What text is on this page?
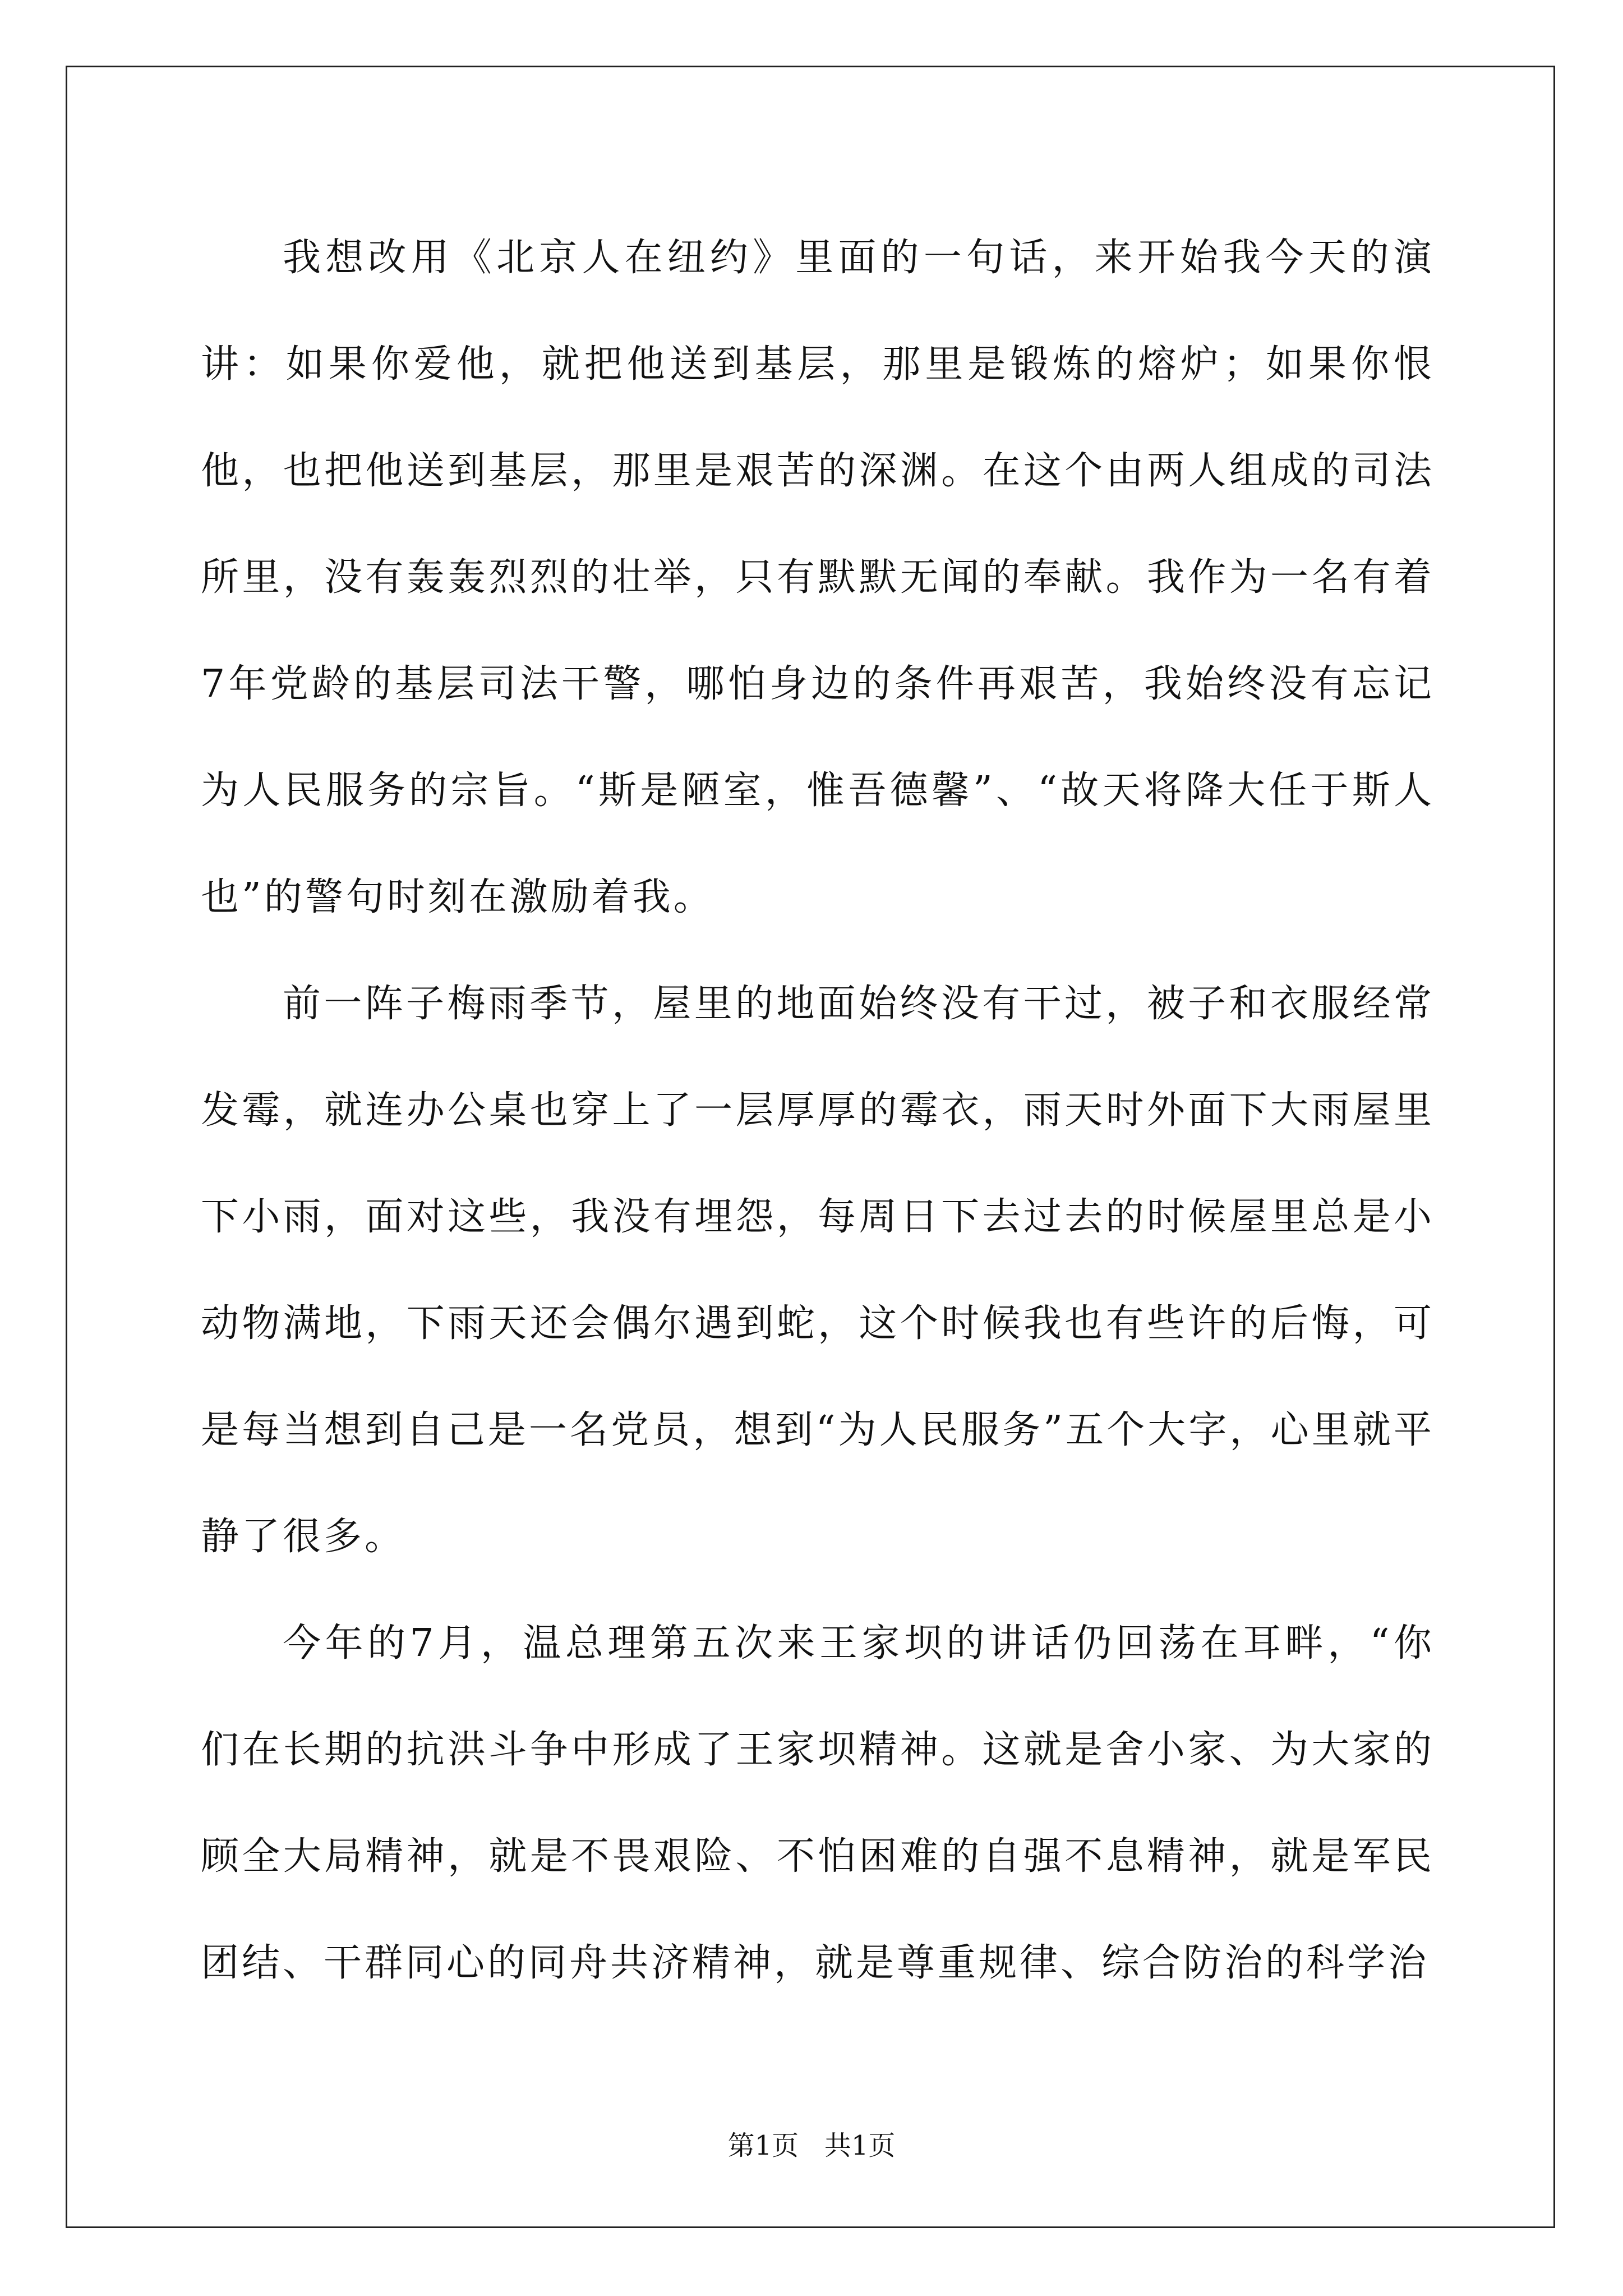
我想改用《北京人在纽约》里面的一句话，来开始我今天的演讲：如果你爱他，就把他送到基层，那里是锻炼的熔炉；如果你恨他，也把他送到基层，那里是艰苦的深渊。在这个由两人组成的司法所里，没有轰轰烈烈的壮举，只有默默无闻的奉献。我作为一名有着7年党龄的基层司法干警，哪怕身边的条件再艰苦，我始终没有忘记为人民服务的宗旨。“斯是陋室，惟吾德馨”、“故天将降大任于斯人也”的警句时刻在激励着我。

前一阵子梅雨季节，屋里的地面始终没有干过，被子和衣服经常发霉，就连办公桌也穿上了一层厚厚的霉衣，雨天时外面下大雨屋里下小雨，面对这些，我没有埋怨，每周日下去过去的时候屋里总是小动物满地，下雨天还会偶尔遇到蛇，这个时候我也有些许的后悔，可是每当想到自己是一名党员，想到“为人民服务”五个大字，心里就平静了很多。

今年的7月，温总理第五次来王家坝的讲话仍回荡在耳畔，“你们在长期的抗洪斗争中形成了王家坝精神。这就是舍小家、为大家的顾全大局精神，就是不畏艰险、不怕困难的自强不息精神，就是军民团结、干群同心的同舟共济精神，就是尊重规律、综合防治的科学治

第1页   共1页
